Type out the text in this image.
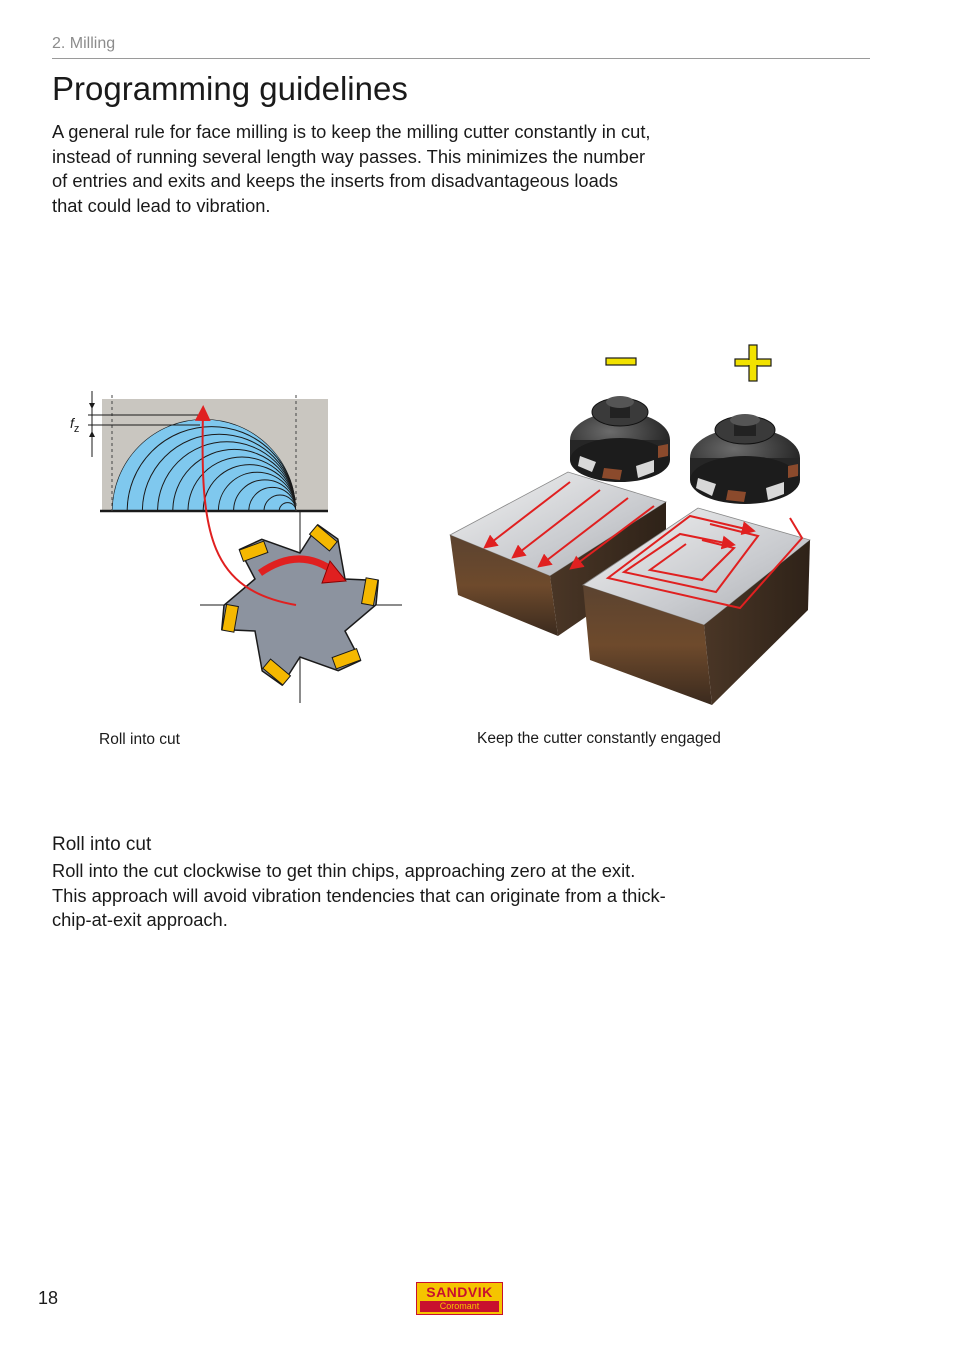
2. Milling
Programming guidelines

A general rule for face milling is to keep the milling cutter constantly in cut, instead of running several length way passes. This minimizes the number of entries and exits and keeps the inserts from disadvantageous loads that could lead to vibration.

$f_z$
Roll into cut	Keep the cutter constantly engaged
Roll into cut

Roll into the cut clockwise to get thin chips, approaching zero at the exit. This approach will avoid vibration tendencies that can originate from a thick-chip-at-exit approach.

18	SANDVIK
Coromant
